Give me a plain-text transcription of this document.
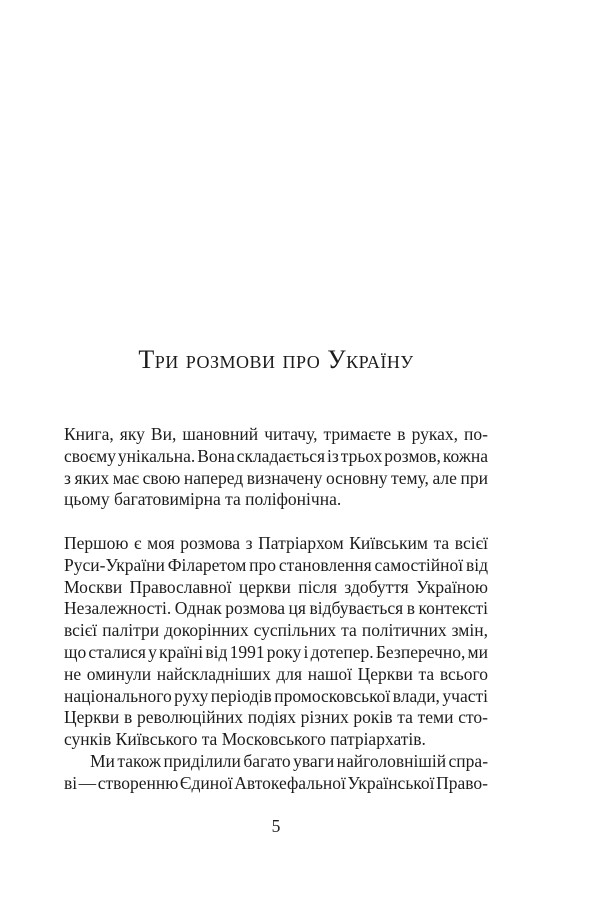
Три розмови про Україну
Книга, яку Ви, шановний читачу, тримаєте в руках, по-
своєму унікальна. Вона складається із трьох розмов, кожна
з яких має свою наперед визначену основну тему, але при
цьому багатовимірна та поліфонічна.
Першою є моя розмова з Патріархом Київським та всієї
Руси-України Філаретом про становлення самостійної від
Москви Православної церкви після здобуття Україною
Незалежності. Однак розмова ця відбувається в контексті
всієї палітри докорінних суспільних та політичних змін,
що сталися у країні від 1991 року і дотепер. Безперечно, ми
не оминули найскладніших для нашої Церкви та всього
національного руху періодів промосковської влади, участі
Церкви в революційних подіях різних років та теми сто-
сунків Київського та Московського патріархатів.
Ми також приділили багато уваги найголовнішій спра-
ві — створенню Єдиної Автокефальної Української Право-
5
